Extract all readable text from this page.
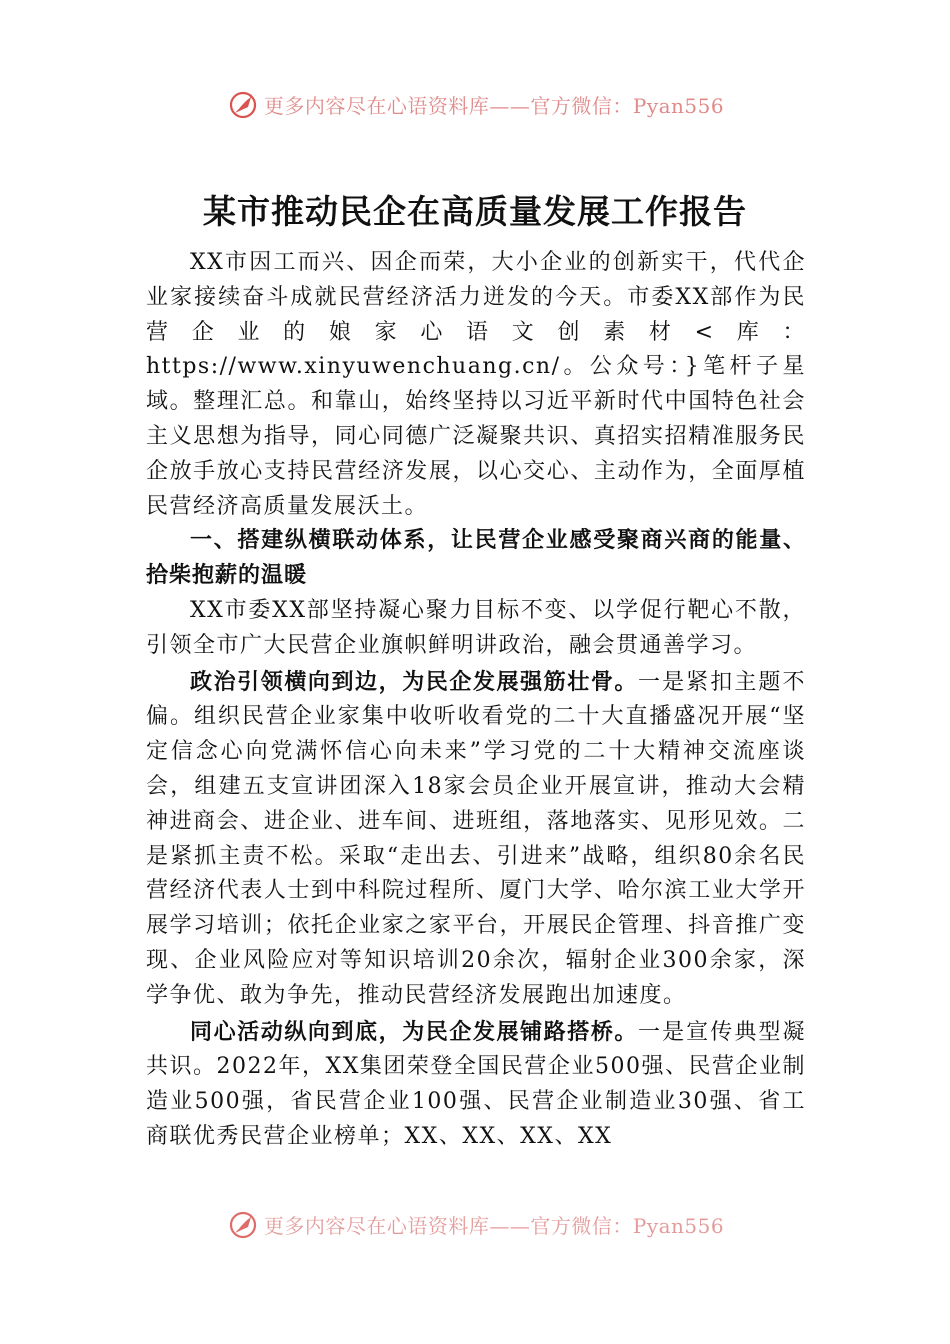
更多内容尽在心语资料库——官方微信：Pyan556
某市推动民企在高质量发展工作报告

XX市因工而兴、因企而荣，大小企业的创新实干，代代企业家接续奋斗成就民营经济活力迸发的今天。市委XX部作为民营企业的娘家心语文创素材<库：https://www.xinyuwenchuang.cn/。公众号：}笔杆子星域。整理汇总。和靠山，始终坚持以习近平新时代中国特色社会主义思想为指导，同心同德广泛凝聚共识、真招实招精准服务民企放手放心支持民营经济发展，以心交心、主动作为，全面厚植民营经济高质量发展沃土。

一、搭建纵横联动体系，让民营企业感受聚商兴商的能量、拾柴抱薪的温暖

XX市委XX部坚持凝心聚力目标不变、以学促行靶心不散，引领全市广大民营企业旗帜鲜明讲政治，融会贯通善学习。

政治引领横向到边，为民企发展强筋壮骨。一是紧扣主题不偏。组织民营企业家集中收听收看党的二十大直播盛况开展“坚定信念心向党满怀信心向未来”学习党的二十大精神交流座谈会，组建五支宣讲团深入18家会员企业开展宣讲，推动大会精神进商会、进企业、进车间、进班组，落地落实、见形见效。二是紧抓主责不松。采取“走出去、引进来”战略，组织80余名民营经济代表人士到中科院过程所、厦门大学、哈尔滨工业大学开展学习培训；依托企业家之家平台，开展民企管理、抖音推广变现、企业风险应对等知识培训20余次，辐射企业300余家，深学争优、敢为争先，推动民营经济发展跑出加速度。

同心活动纵向到底，为民企发展铺路搭桥。一是宣传典型凝共识。2022年，XX集团荣登全国民营企业500强、民营企业制造业500强，省民营企业100强、民营企业制造业30强、省工商联优秀民营企业榜单；XX、XX、XX、XX

更多内容尽在心语资料库——官方微信：Pyan556
